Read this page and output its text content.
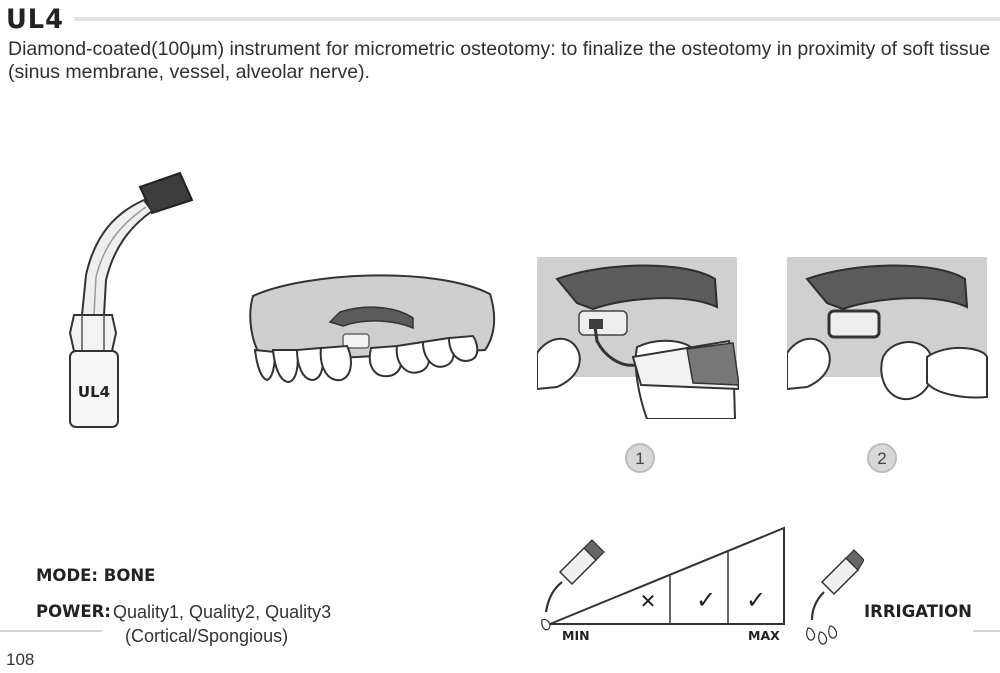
UL4
Diamond-coated(100μm) instrument for micrometric osteotomy: to finalize the osteotomy in proximity of soft tissue (sinus membrane, vessel, alveolar nerve).
UL4
1	2
✕ ✓ ✓
MIN	MAX
MODE: BONE
POWER: Quality1, Quality2, Quality3
(Cortical/Spongious)
IRRIGATION
108
